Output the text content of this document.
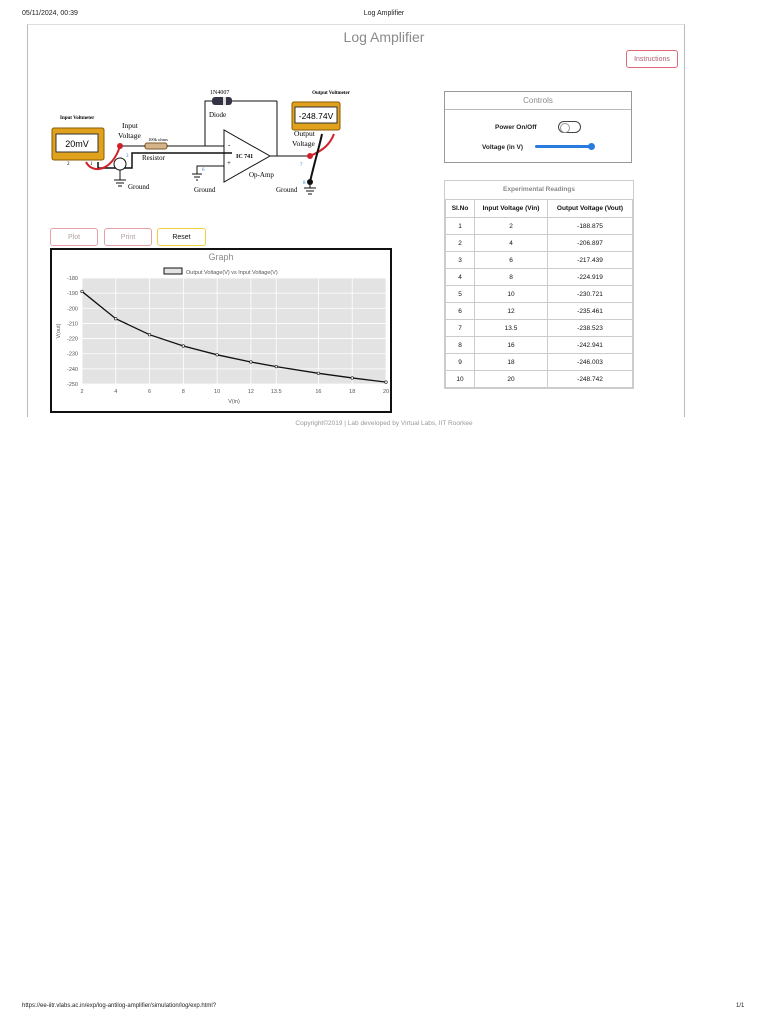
05/11/2024, 00:39	Log Amplifier
https://ee-iitr.vlabs.ac.in/exp/log-antilog-amplifier/simulation/log/exp.html?	1/1
Log Amplifier
Instructions
Input Voltmeter
20mV
2	1
Input
Voltage 100k ohms
Resistor
1N4007
Diode
IC 741
-
+
Op-Amp
6
Ground
Ground
3
Output Voltmeter
-248.74V
7
8
Ground
Output
Voltage
Controls
Power On/Off
Voltage (in V)
Experimental Readings
Sl.No	Input Voltage (Vin)	Output Voltage (Vout)
1	2	-188.875
2	4	-206.897
3	6	-217.439
4	8	-224.919
5	10	-230.721
6	12	-235.461
7	13.5	-238.523
8	16	-242.941
9	18	-246.003
10	20	-248.742
Plot	Print	Reset
Graph
Output Voltage(V) vs Input Voltage(V)
-180
-190
-200
-210
-220
-230
-240
-250
2	4	6	8	10	12	13.5	16	18	20
V(in)
V(out)
Copyright©2019 | Lab developed by Virtual Labs, IIT Roorkee
